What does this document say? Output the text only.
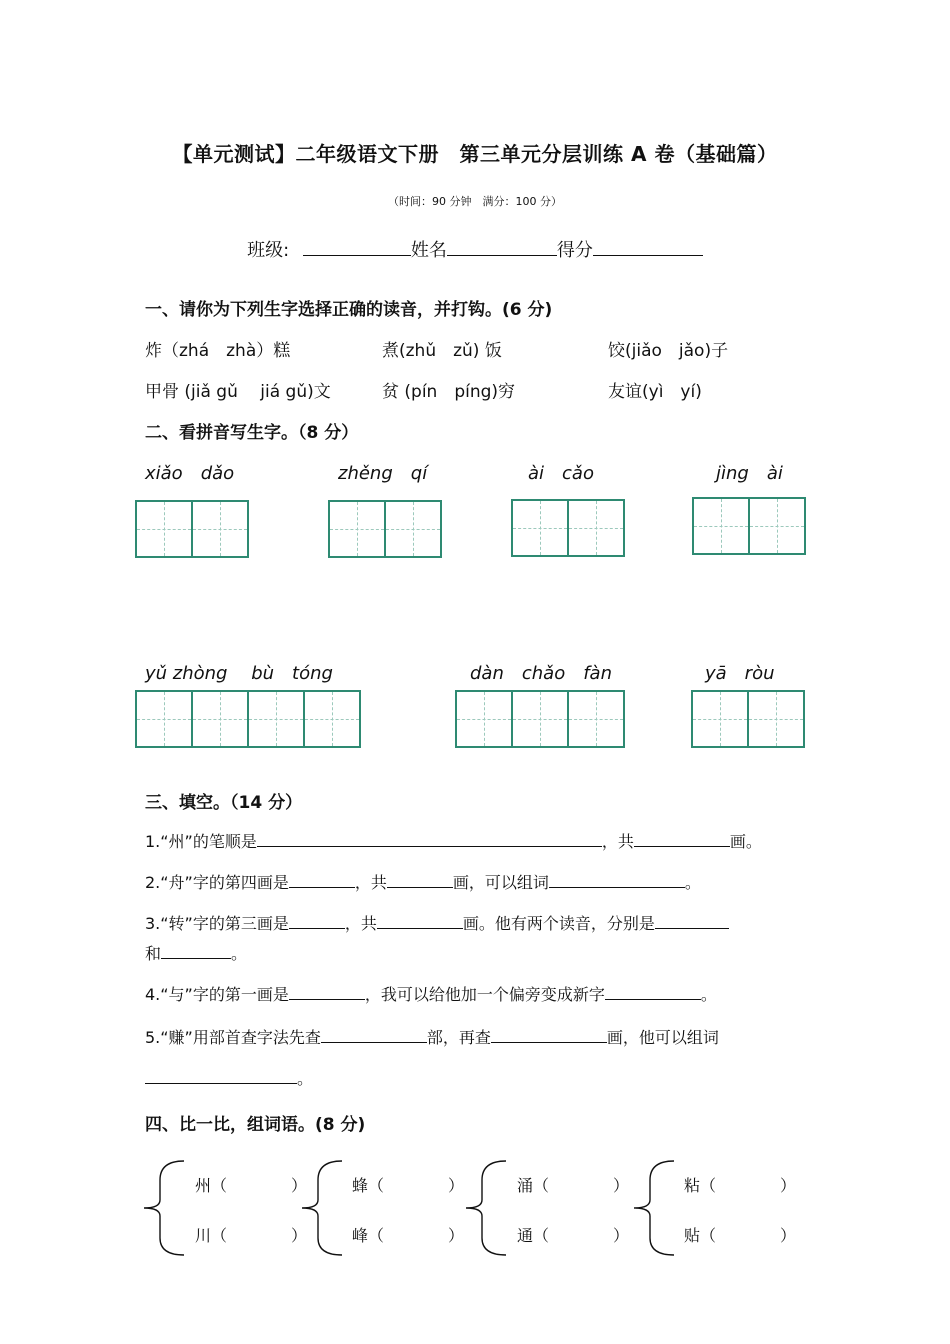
【单元测试】二年级语文下册　第三单元分层训练 A 卷（基础篇）
（时间：90 分钟　满分：100 分）
班级:	姓名	得分
一、请你为下列生字选择正确的读音，并打钩。(6 分)
炸（zhá　zhà）糕	煮(zhǔ　zǔ) 饭	饺(jiǎo　jǎo)子
甲骨 (jiǎ gǔ　 jiá gǔ)文	贫 (pín　píng)穷	友谊(yì　yí)
二、看拼音写生字。（8 分）
xiǎo　dǎo	zhěng　qí	ài　cǎo	jìng　ài
yǔ zhòng　 bù　tóng	dàn　chǎo　fàn	yā　ròu
三、填空。（14 分）
1.“州”的笔顺是	，共	画。
2.“舟”字的第四画是	，共	画，可以组词	。
3.“转”字的第三画是	，共	画。他有两个读音，分别是
和	。
4.“与”字的第一画是	，我可以给他加一个偏旁变成新字	。
5.“赚”用部首查字法先查	部，再查	画，他可以组词
。
四、比一比，组词语。(8 分)
州（　　　　）
川（　　　　）
蜂（　　　　）
峰（　　　　）
涌（　　　　）
通（　　　　）
粘（　　　　）
贴（　　　　）
